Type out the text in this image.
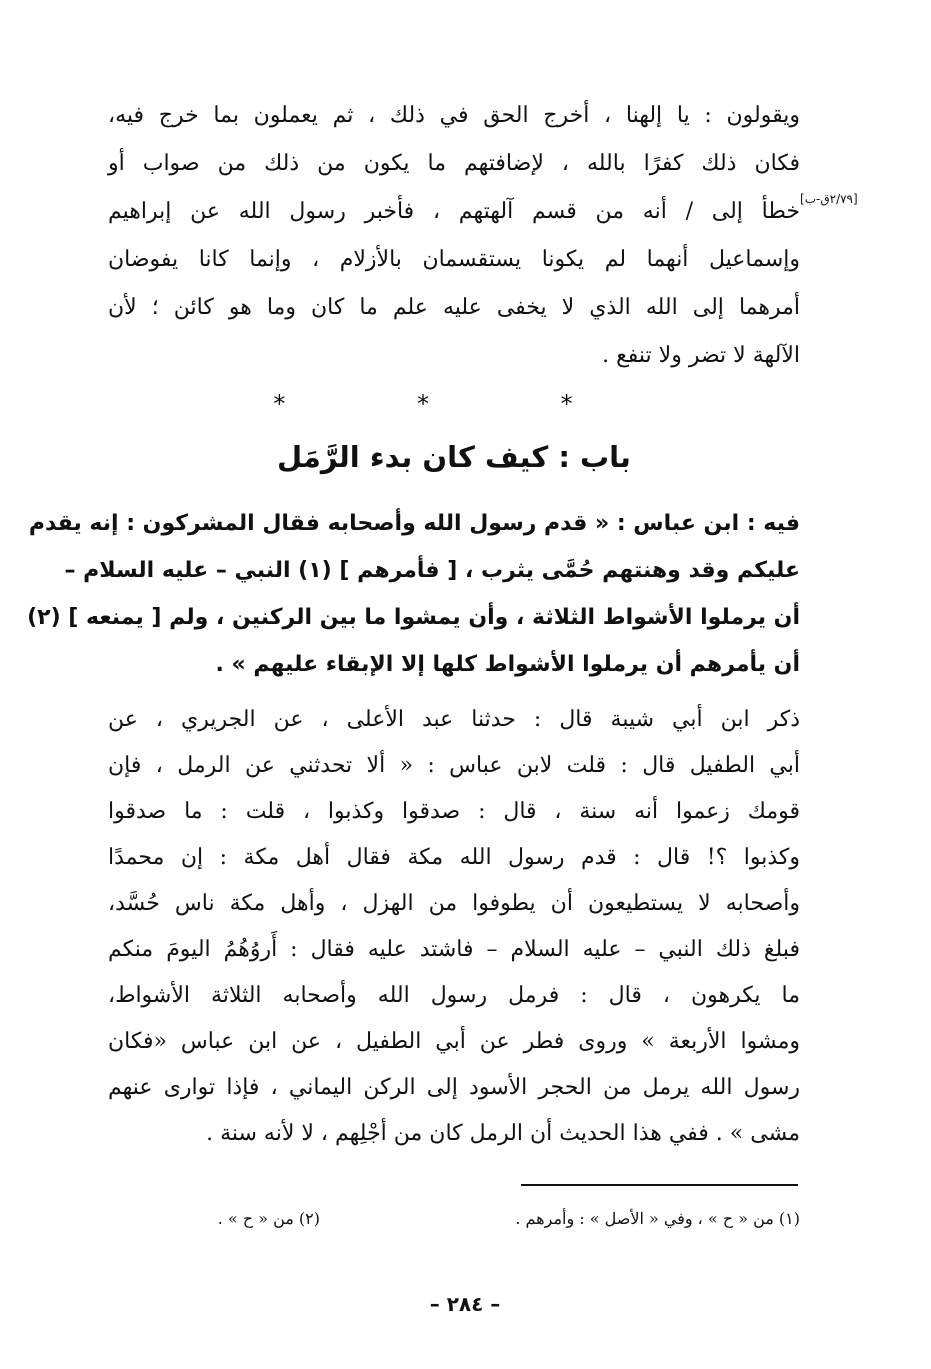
ويقولون : يا إلهنا ، أخرج الحق في ذلك ، ثم يعملون بما خرج فيه،
فكان ذلك كفرًا بالله ، لإضافتهم ما يكون من ذلك من صواب أو
خطأ إلى / أنه من قسم آلهتهم ، فأخبر رسول الله عن إبراهيم
وإسماعيل أنهما لم يكونا يستقسمان بالأزلام ، وإنما كانا يفوضان
أمرهما إلى الله الذي لا يخفى عليه علم ما كان وما هو كائن ؛ لأن
الآلهة لا تضر ولا تنفع .
[٢/٧٩ق-ب]
* * *
باب : كيف كان بدء الرَّمَل
فيه : ابن عباس : « قدم رسول الله وأصحابه فقال المشركون : إنه يقدم
عليكم وقد وهنتهم حُمَّى يثرب ، [ فأمرهم ] (١) النبي – عليه السلام –
أن يرملوا الأشواط الثلاثة ، وأن يمشوا ما بين الركنين ، ولم [ يمنعه ] (٢)
أن يأمرهم أن يرملوا الأشواط كلها إلا الإبقاء عليهم » .
ذكر ابن أبي شيبة قال : حدثنا عبد الأعلى ، عن الجريري ، عن
أبي الطفيل قال : قلت لابن عباس : « ألا تحدثني عن الرمل ، فإن
قومك زعموا أنه سنة ، قال : صدقوا وكذبوا ، قلت : ما صدقوا
وكذبوا ؟! قال : قدم رسول الله مكة فقال أهل مكة : إن محمدًا
وأصحابه لا يستطيعون أن يطوفوا من الهزل ، وأهل مكة ناس حُسَّد،
فبلغ ذلك النبي – عليه السلام – فاشتد عليه فقال : أَروُهُمُ اليومَ منكم
ما يكرهون ، قال : فرمل رسول الله وأصحابه الثلاثة الأشواط،
ومشوا الأربعة » وروى فطر عن أبي الطفيل ، عن ابن عباس «فكان
رسول الله يرمل من الحجر الأسود إلى الركن اليماني ، فإذا توارى عنهم
مشى » . ففي هذا الحديث أن الرمل كان من أجْلِهم ، لا لأنه سنة .
(١) من « ح » ، وفي « الأصل » : وأمرهم .
(٢) من « ح » .
– ٢٨٤ –
